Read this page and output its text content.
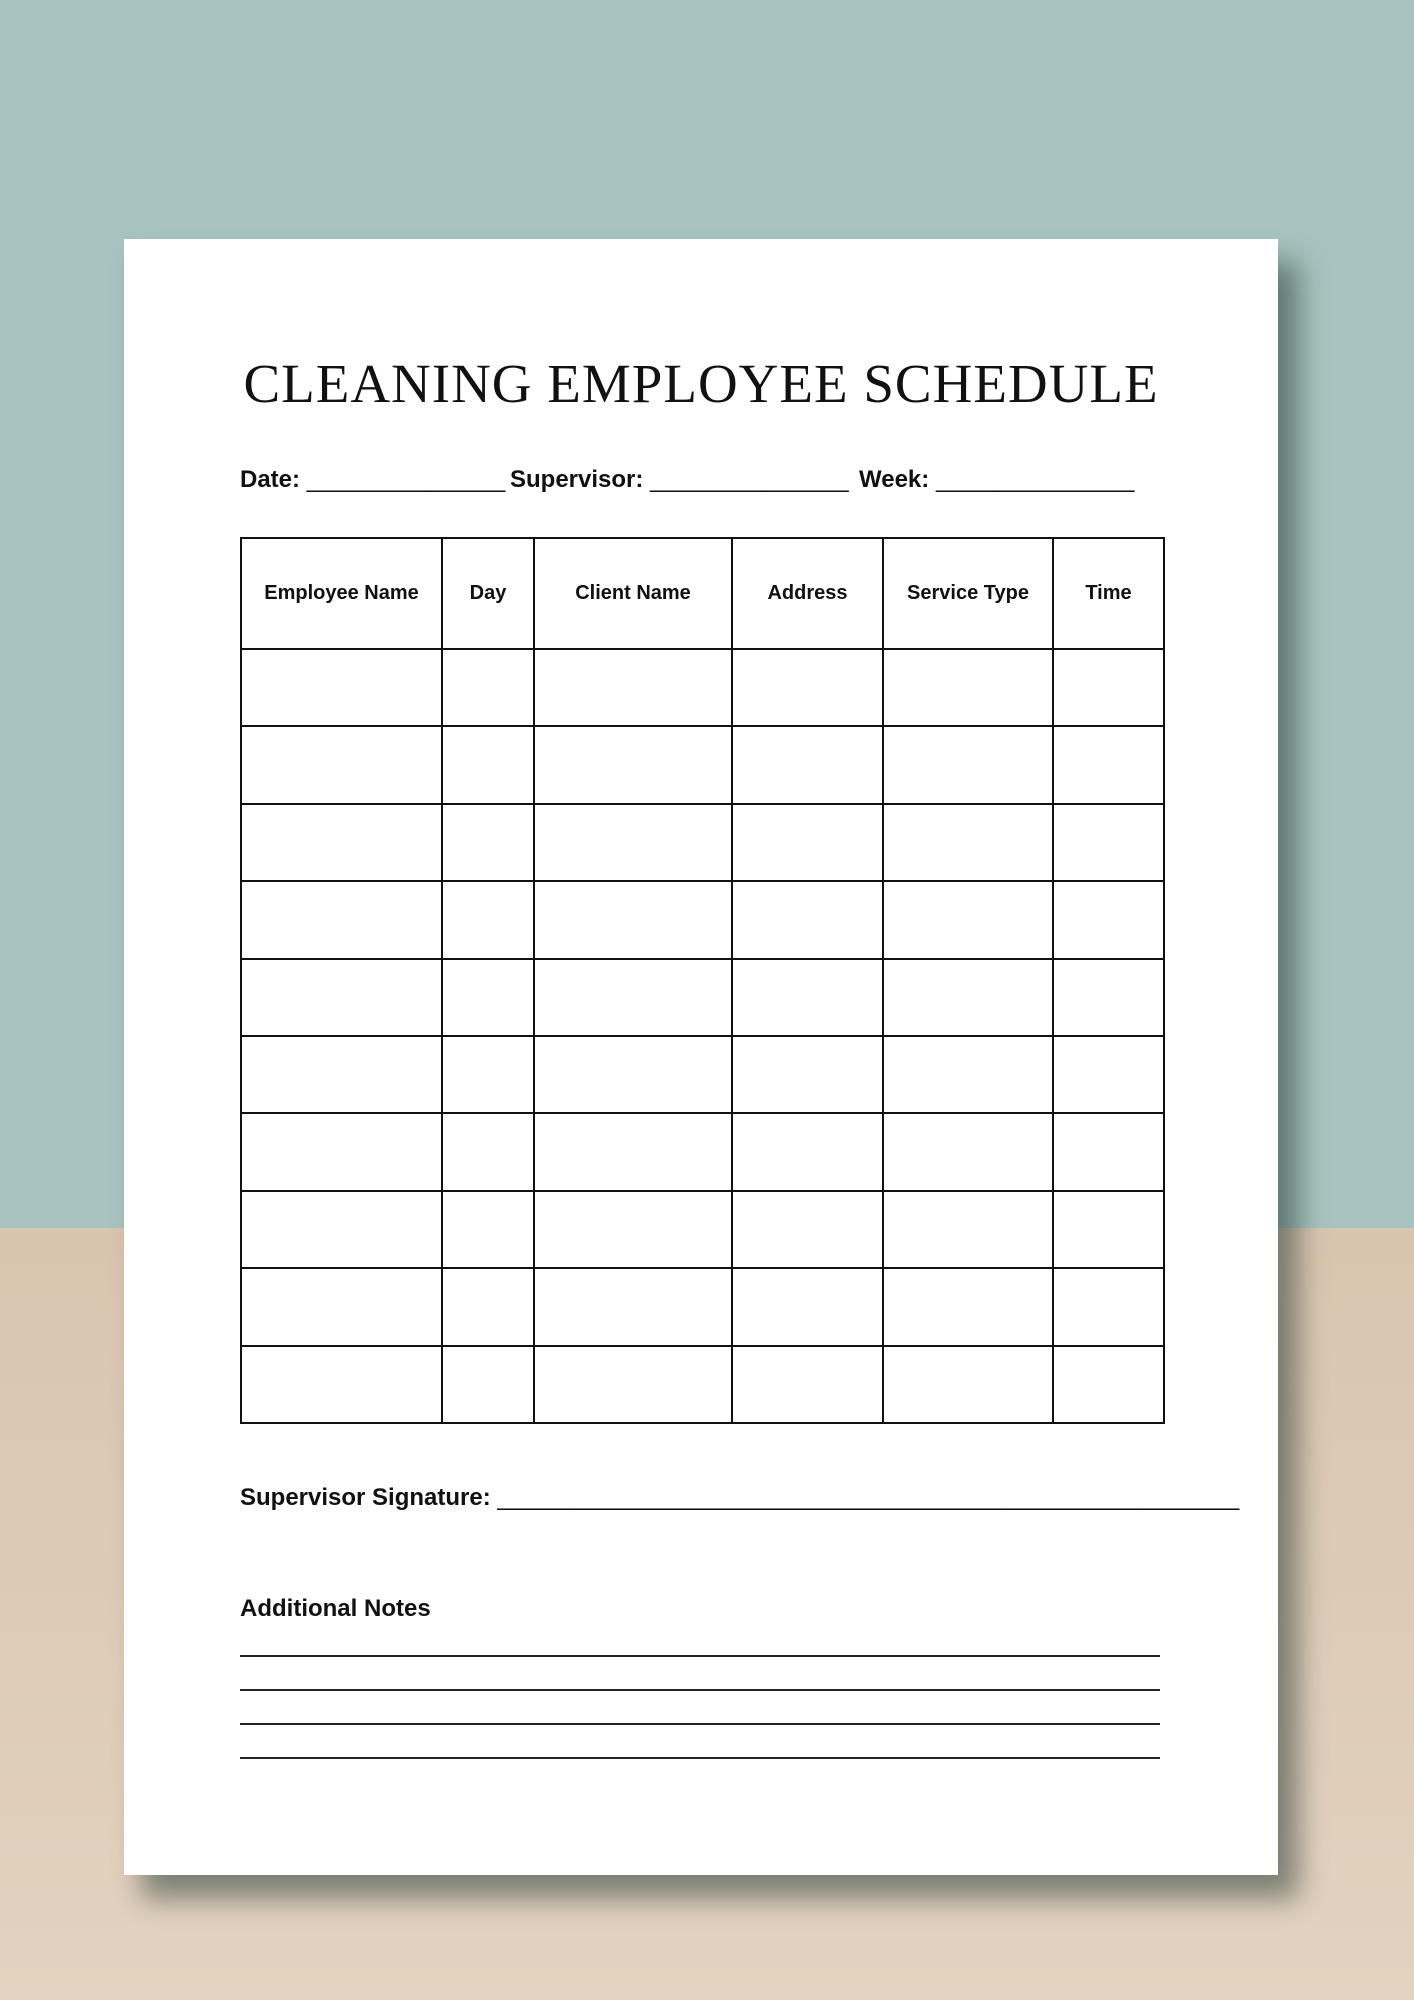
CLEANING EMPLOYEE SCHEDULE
Date: ________________ Supervisor: ________________ Week: ________________
Employee Name	Day	Client Name	Address	Service Type	Time

Supervisor Signature: ____________________________________________________________
Additional Notes
